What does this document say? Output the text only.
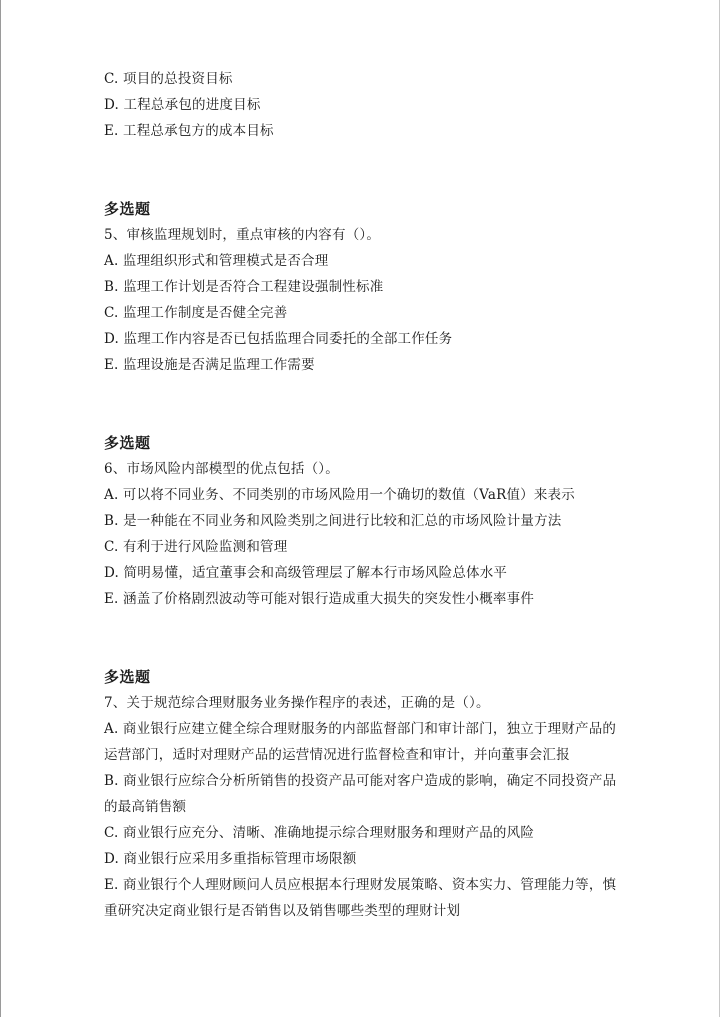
C. 项目的总投资目标
D. 工程总承包的进度目标
E. 工程总承包方的成本目标
多选题
5、审核监理规划时，重点审核的内容有（）。
A. 监理组织形式和管理模式是否合理
B. 监理工作计划是否符合工程建设强制性标准
C. 监理工作制度是否健全完善
D. 监理工作内容是否已包括监理合同委托的全部工作任务
E. 监理设施是否满足监理工作需要
多选题
6、市场风险内部模型的优点包括（）。
A. 可以将不同业务、不同类别的市场风险用一个确切的数值（VaR值）来表示
B. 是一种能在不同业务和风险类别之间进行比较和汇总的市场风险计量方法
C. 有利于进行风险监测和管理
D. 简明易懂，适宜董事会和高级管理层了解本行市场风险总体水平
E. 涵盖了价格剧烈波动等可能对银行造成重大损失的突发性小概率事件
多选题
7、关于规范综合理财服务业务操作程序的表述，正确的是（）。
A. 商业银行应建立健全综合理财服务的内部监督部门和审计部门，独立于理财产品的运营部门，适时对理财产品的运营情况进行监督检查和审计，并向董事会汇报
B. 商业银行应综合分析所销售的投资产品可能对客户造成的影响，确定不同投资产品的最高销售额
C. 商业银行应充分、清晰、准确地提示综合理财服务和理财产品的风险
D. 商业银行应采用多重指标管理市场限额
E. 商业银行个人理财顾问人员应根据本行理财发展策略、资本实力、管理能力等，慎重研究决定商业银行是否销售以及销售哪些类型的理财计划
